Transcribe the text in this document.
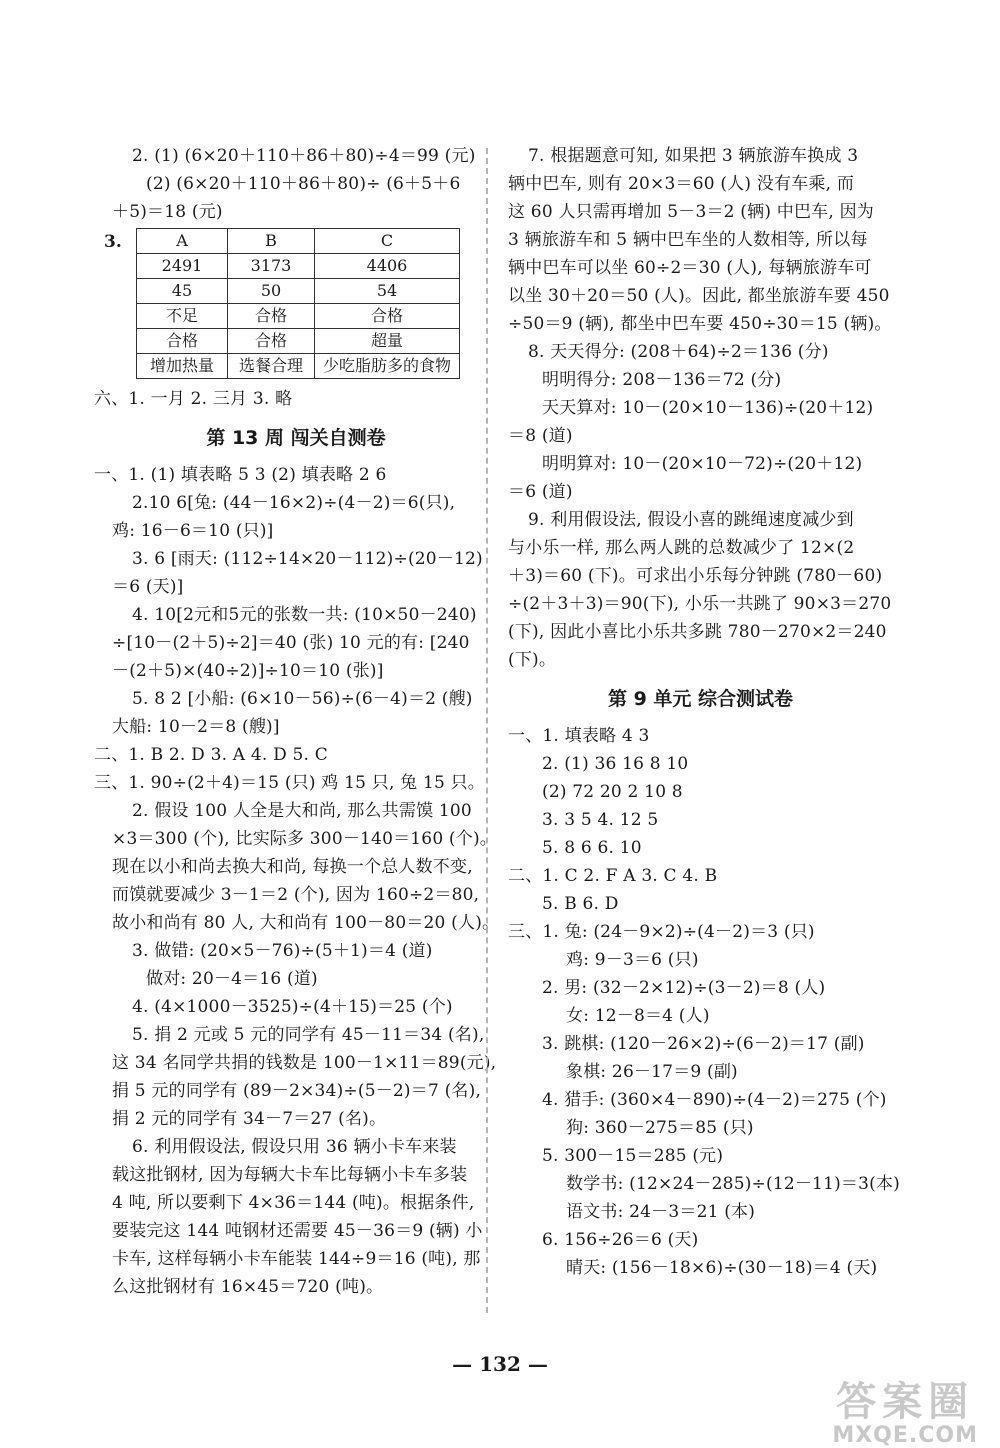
2. (1) (6×20＋110＋86＋80)÷4＝99 (元)
(2) (6×20＋110＋86＋80)÷ (6＋5＋6
＋5)＝18 (元)
3.	A	B	C
2491	3173	4406
45	50	54
不足	合格	合格
合格	合格	超量
增加热量	选餐合理	少吃脂肪多的食物
六、1. 一月 2. 三月 3. 略
第 13 周 闯关自测卷
一、1. (1) 填表略 5 3 (2) 填表略 2 6
2.10 6[兔: (44－16×2)÷(4－2)＝6(只),
鸡: 16－6＝10 (只)]
3. 6 [雨天: (112÷14×20－112)÷(20－12)
＝6 (天)]
4. 10[2元和5元的张数一共: (10×50－240)
÷[10－(2＋5)÷2]＝40 (张) 10 元的有: [240
－(2＋5)×(40÷2)]÷10＝10 (张)]
5. 8 2 [小船: (6×10－56)÷(6－4)＝2 (艘)
大船: 10－2＝8 (艘)]
二、1. B 2. D 3. A 4. D 5. C
三、1. 90÷(2＋4)＝15 (只) 鸡 15 只, 兔 15 只。
2. 假设 100 人全是大和尚, 那么共需馍 100
×3＝300 (个), 比实际多 300－140＝160 (个)。
现在以小和尚去换大和尚, 每换一个总人数不变,
而馍就要减少 3－1＝2 (个), 因为 160÷2＝80,
故小和尚有 80 人, 大和尚有 100－80＝20 (人)。
3. 做错: (20×5－76)÷(5＋1)＝4 (道)
做对: 20－4＝16 (道)
4. (4×1000－3525)÷(4＋15)＝25 (个)
5. 捐 2 元或 5 元的同学有 45－11＝34 (名),
这 34 名同学共捐的钱数是 100－1×11＝89(元),
捐 5 元的同学有 (89－2×34)÷(5－2)＝7 (名),
捐 2 元的同学有 34－7＝27 (名)。
6. 利用假设法, 假设只用 36 辆小卡车来装
载这批钢材, 因为每辆大卡车比每辆小卡车多装
4 吨, 所以要剩下 4×36＝144 (吨)。根据条件,
要装完这 144 吨钢材还需要 45－36＝9 (辆) 小
卡车, 这样每辆小卡车能装 144÷9＝16 (吨), 那
么这批钢材有 16×45＝720 (吨)。
7. 根据题意可知, 如果把 3 辆旅游车换成 3
辆中巴车, 则有 20×3＝60 (人) 没有车乘, 而
这 60 人只需再增加 5－3＝2 (辆) 中巴车, 因为
3 辆旅游车和 5 辆中巴车坐的人数相等, 所以每
辆中巴车可以坐 60÷2＝30 (人), 每辆旅游车可
以坐 30＋20＝50 (人)。因此, 都坐旅游车要 450
÷50＝9 (辆), 都坐中巴车要 450÷30＝15 (辆)。
8. 天天得分: (208＋64)÷2＝136 (分)
明明得分: 208－136＝72 (分)
天天算对: 10－(20×10－136)÷(20＋12)
＝8 (道)
明明算对: 10－(20×10－72)÷(20＋12)
＝6 (道)
9. 利用假设法, 假设小喜的跳绳速度减少到
与小乐一样, 那么两人跳的总数减少了 12×(2
＋3)＝60 (下)。可求出小乐每分钟跳 (780－60)
÷(2＋3＋3)＝90(下), 小乐一共跳了 90×3＝270
(下), 因此小喜比小乐共多跳 780－270×2＝240
(下)。
第 9 单元 综合测试卷
一、1. 填表略 4 3
2. (1) 36 16 8 10
(2) 72 20 2 10 8
3. 3 5 4. 12 5
5. 8 6 6. 10
二、1. C 2. F A 3. C 4. B
5. B 6. D
三、1. 兔: (24－9×2)÷(4－2)＝3 (只)
鸡: 9－3＝6 (只)
2. 男: (32－2×12)÷(3－2)＝8 (人)
女: 12－8＝4 (人)
3. 跳棋: (120－26×2)÷(6－2)＝17 (副)
象棋: 26－17＝9 (副)
4. 猎手: (360×4－890)÷(4－2)＝275 (个)
狗: 360－275＝85 (只)
5. 300－15＝285 (元)
数学书: (12×24－285)÷(12－11)＝3(本)
语文书: 24－3＝21 (本)
6. 156÷26＝6 (天)
晴天: (156－18×6)÷(30－18)＝4 (天)
— 132 —
答案圈
MXQE.COM
